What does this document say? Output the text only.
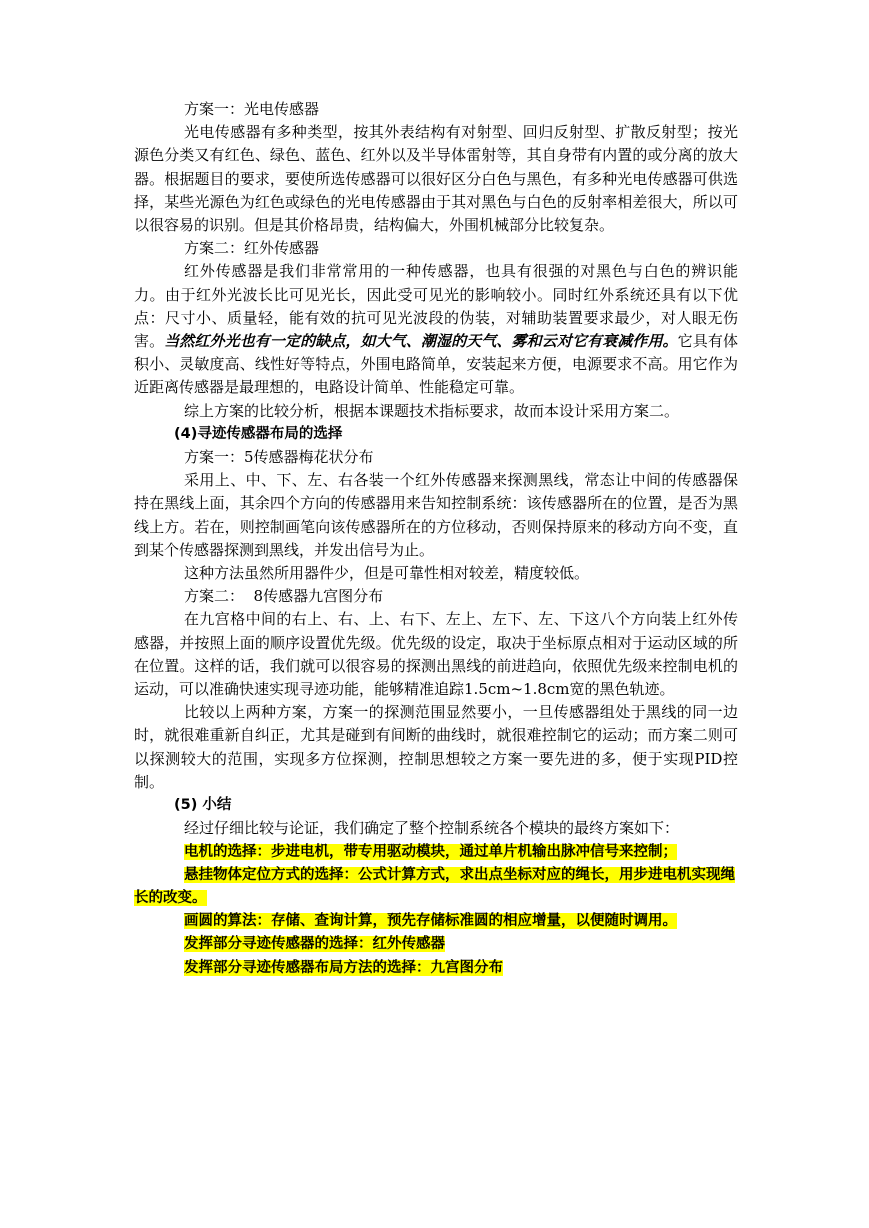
方案一：光电传感器

光电传感器有多种类型，按其外表结构有对射型、回归反射型、扩散反射型；按光源色分类又有红色、绿色、蓝色、红外以及半导体雷射等，其自身带有内置的或分离的放大器。根据题目的要求，要使所选传感器可以很好区分白色与黑色，有多种光电传感器可供选择，某些光源色为红色或绿色的光电传感器由于其对黑色与白色的反射率相差很大，所以可以很容易的识别。但是其价格昂贵，结构偏大，外围机械部分比较复杂。

方案二：红外传感器

红外传感器是我们非常常用的一种传感器，也具有很强的对黑色与白色的辨识能力。由于红外光波长比可见光长，因此受可见光的影响较小。同时红外系统还具有以下优点：尺寸小、质量轻，能有效的抗可见光波段的伪装，对辅助装置要求最少，对人眼无伤害。当然红外光也有一定的缺点，如大气、潮湿的天气、雾和云对它有衰减作用。它具有体积小、灵敏度高、线性好等特点，外围电路简单，安装起来方便，电源要求不高。用它作为近距离传感器是最理想的，电路设计简单、性能稳定可靠。

综上方案的比较分析，根据本课题技术指标要求，故而本设计采用方案二。

(4)寻迹传感器布局的选择

方案一：5传感器梅花状分布

采用上、中、下、左、右各装一个红外传感器来探测黑线，常态让中间的传感器保持在黑线上面，其余四个方向的传感器用来告知控制系统：该传感器所在的位置，是否为黑线上方。若在，则控制画笔向该传感器所在的方位移动，否则保持原来的移动方向不变，直到某个传感器探测到黑线，并发出信号为止。

这种方法虽然所用器件少，但是可靠性相对较差，精度较低。

方案二：  8传感器九宫图分布

在九宫格中间的右上、右、上、右下、左上、左下、左、下这八个方向装上红外传感器，并按照上面的顺序设置优先级。优先级的设定，取决于坐标原点相对于运动区域的所在位置。这样的话，我们就可以很容易的探测出黑线的前进趋向，依照优先级来控制电机的运动，可以准确快速实现寻迹功能，能够精准追踪1.5cm~1.8cm宽的黑色轨迹。

比较以上两种方案，方案一的探测范围显然要小，一旦传感器组处于黑线的同一边时，就很难重新自纠正，尤其是碰到有间断的曲线时，就很难控制它的运动；而方案二则可以探测较大的范围，实现多方位探测，控制思想较之方案一要先进的多，便于实现PID控制。

(5) 小结

经过仔细比较与论证，我们确定了整个控制系统各个模块的最终方案如下：

电机的选择：步进电机，带专用驱动模块，通过单片机输出脉冲信号来控制；

悬挂物体定位方式的选择：公式计算方式，求出点坐标对应的绳长，用步进电机实现绳长的改变。

画圆的算法：存储、查询计算，预先存储标准圆的相应增量，以便随时调用。

发挥部分寻迹传感器的选择：红外传感器

发挥部分寻迹传感器布局方法的选择：九宫图分布
